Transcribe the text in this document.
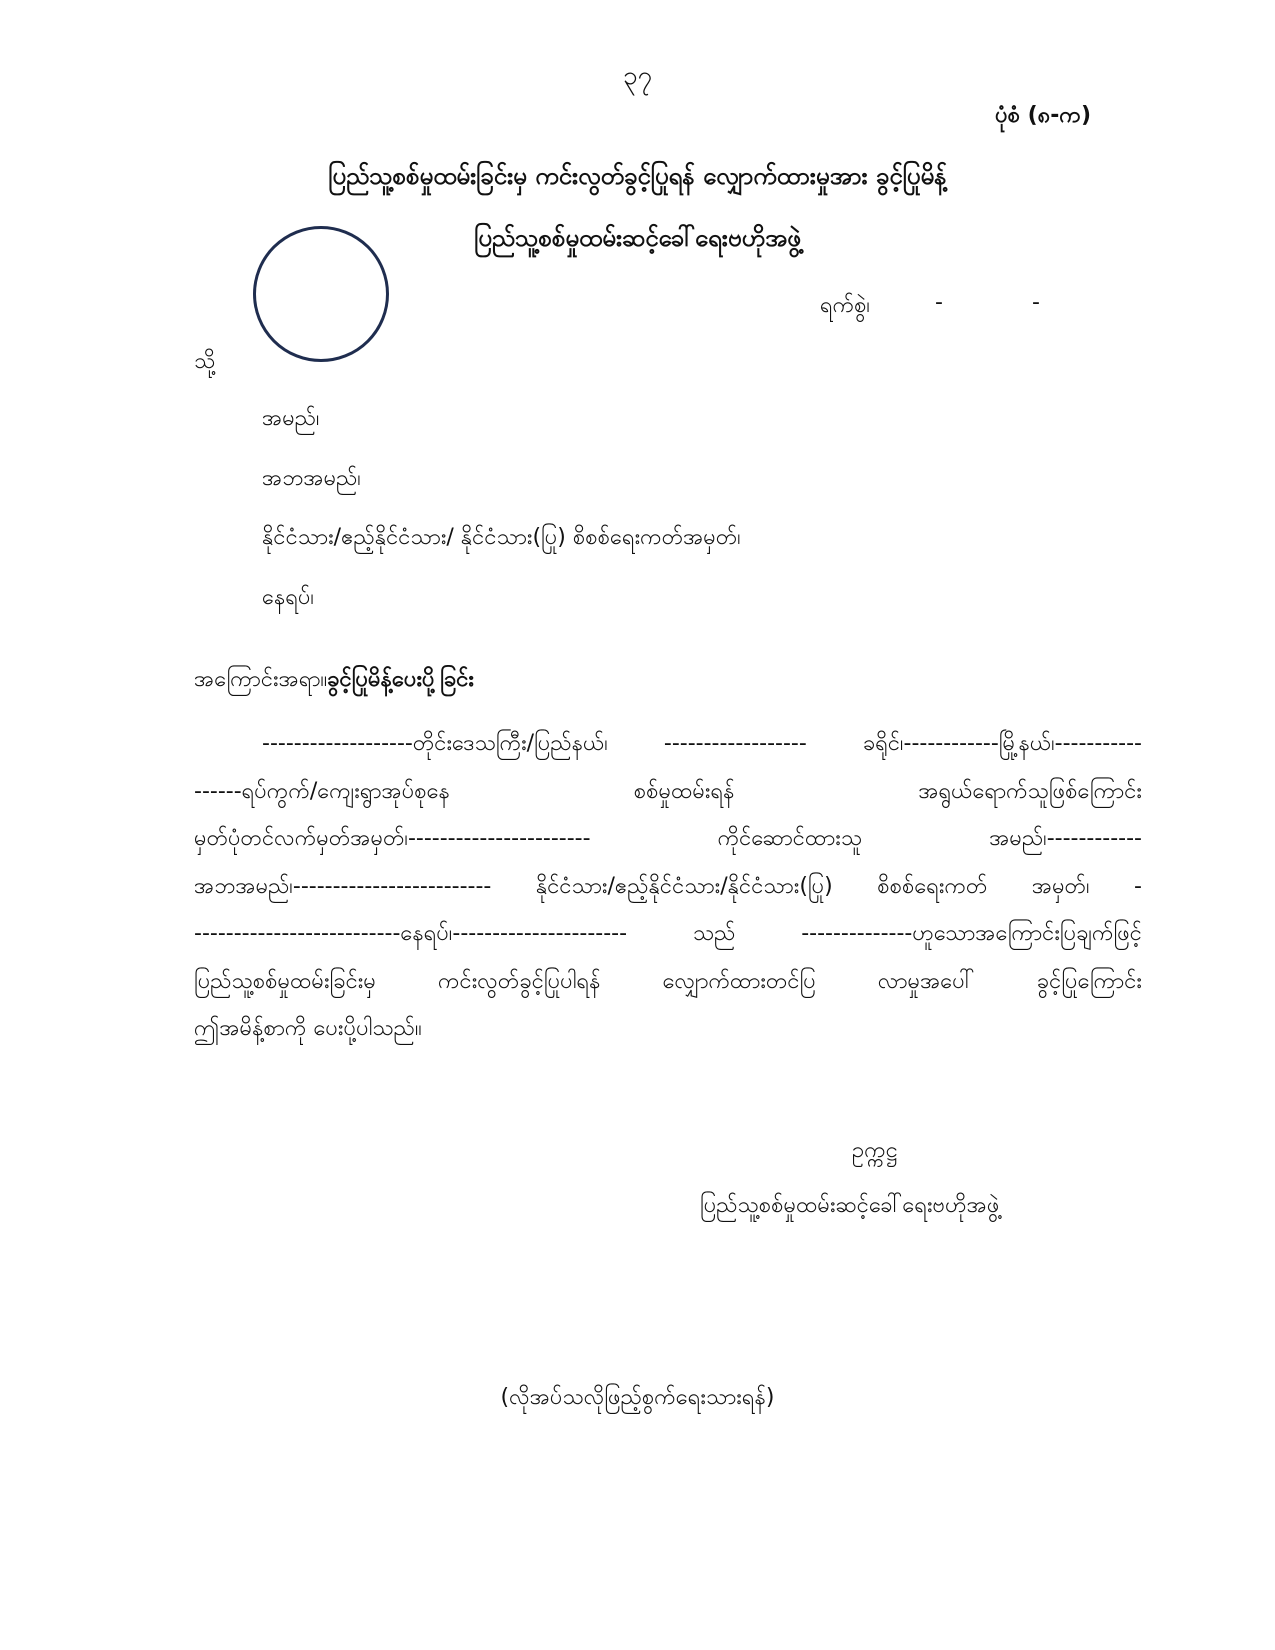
၃၇
ပုံစံ (၈-က)
ပြည်သူ့စစ်မှုထမ်းခြင်းမှ ကင်းလွတ်ခွင့်ပြုရန် လျှောက်ထားမှုအား ခွင့်ပြုမိန့်
ပြည်သူ့စစ်မှုထမ်းဆင့်ခေါ်ရေးဗဟိုအဖွဲ့
ရက်စွဲ၊	-	-
သို့
အမည်၊
အဘအမည်၊
နိုင်ငံသား/ဧည့်နိုင်ငံသား/ နိုင်ငံသား(ပြု) စိစစ်ရေးကတ်အမှတ်၊
နေရပ်၊
အကြောင်းအရာ။ခွင့်ပြုမိန့်ပေးပို့ခြင်း
-------------------တိုင်းဒေသကြီး/ပြည်နယ်၊ ------------------ ခရိုင်၊------------မြို့နယ်၊-----------
------ရပ်ကွက်/ကျေးရွာအုပ်စုနေ စစ်မှုထမ်းရန် အရွယ်ရောက်သူဖြစ်ကြောင်း
မှတ်ပုံတင်လက်မှတ်အမှတ်၊----------------------- ကိုင်ဆောင်ထားသူ အမည်၊------------
အဘအမည်၊------------------------- နိုင်ငံသား/ဧည့်နိုင်ငံသား/နိုင်ငံသား(ပြု) စိစစ်ရေးကတ် အမှတ်၊ -
--------------------------နေရပ်၊---------------------- သည် --------------ဟူသောအကြောင်းပြချက်ဖြင့်
ပြည်သူ့စစ်မှုထမ်းခြင်းမှ ကင်းလွတ်ခွင့်ပြုပါရန် လျှောက်ထားတင်ပြ လာမှုအပေါ် ခွင့်ပြုကြောင်း
ဤအမိန့်စာကို ပေးပို့ပါသည်။
ဥက္ကဋ္ဌ
ပြည်သူ့စစ်မှုထမ်းဆင့်ခေါ်ရေးဗဟိုအဖွဲ့
(လိုအပ်သလိုဖြည့်စွက်ရေးသားရန်)
